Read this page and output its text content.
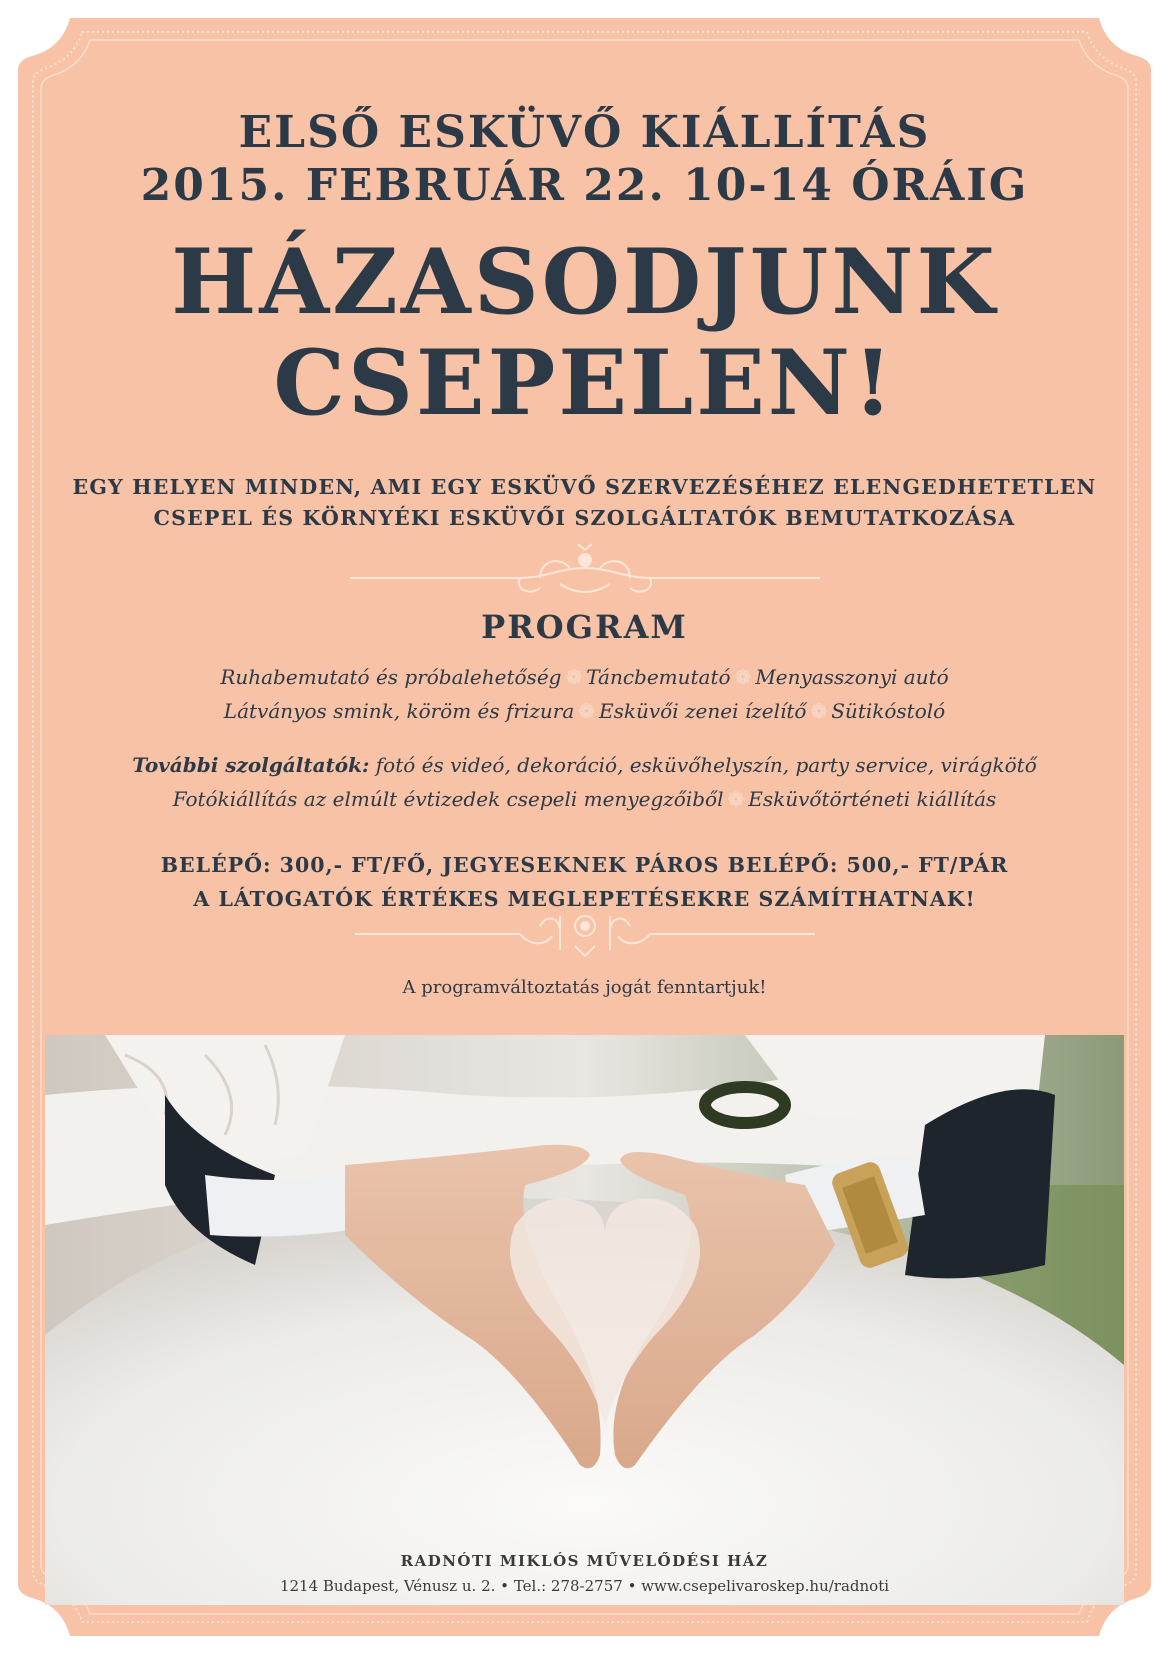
ELSŐ ESKÜVŐ KIÁLLÍTÁS
2015. FEBRUÁR 22. 10-14 ÓRÁIG
HÁZASODJUNK
CSEPELEN!
EGY HELYEN MINDEN, AMI EGY ESKÜVŐ SZERVEZÉSÉHEZ ELENGEDHETETLEN
CSEPEL ÉS KÖRNYÉKI ESKÜVŐI SZOLGÁLTATÓK BEMUTATKOZÁSA
PROGRAM
Ruhabemutató és próbalehetőség ❁ Táncbemutató ❁ Menyasszonyi autó
Látványos smink, köröm és frizura ❁ Esküvői zenei ízelítő ❁ Sütikóstoló
További szolgáltatók: fotó és videó, dekoráció, esküvőhelyszín, party service, virágkötő
Fotókiállítás az elmúlt évtizedek csepeli menyegzőiből ❁ Esküvőtörténeti kiállítás
BELÉPŐ: 300,- FT/FŐ, JEGYESEKNEK PÁROS BELÉPŐ: 500,- FT/PÁR
A LÁTOGATÓK ÉRTÉKES MEGLEPETÉSEKRE SZÁMÍTHATNAK!
A programváltoztatás jogát fenntartjuk!
RADNÓTI MIKLÓS MŰVELŐDÉSI HÁZ
1214 Budapest, Vénusz u. 2. • Tel.: 278-2757 • www.csepelivaroskep.hu/radnoti
